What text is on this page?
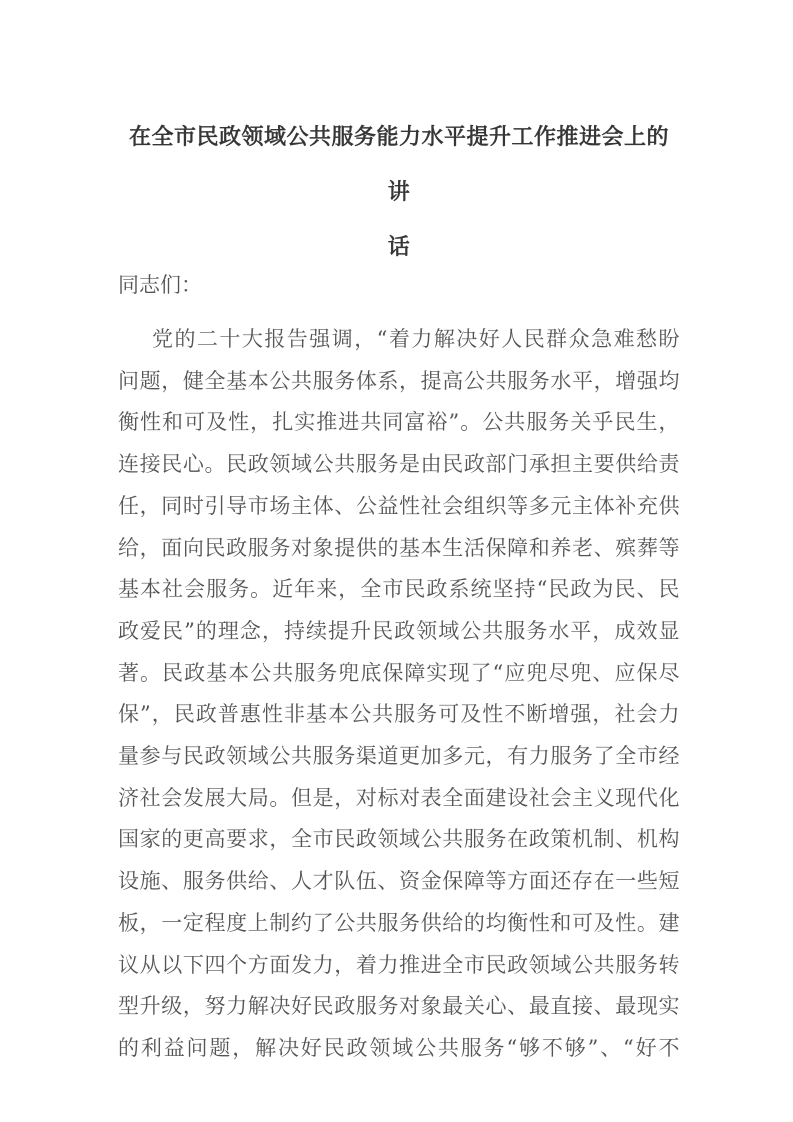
在全市民政领域公共服务能力水平提升工作推进会上的讲
话
同志们：
党的二十大报告强调，“着力解决好人民群众急难愁盼
问题，健全基本公共服务体系，提高公共服务水平，增强均
衡性和可及性，扎实推进共同富裕”。公共服务关乎民生，
连接民心。民政领域公共服务是由民政部门承担主要供给责
任，同时引导市场主体、公益性社会组织等多元主体补充供
给，面向民政服务对象提供的基本生活保障和养老、殡葬等
基本社会服务。近年来，全市民政系统坚持“民政为民、民
政爱民”的理念，持续提升民政领域公共服务水平，成效显
著。民政基本公共服务兜底保障实现了“应兜尽兜、应保尽
保”，民政普惠性非基本公共服务可及性不断增强，社会力
量参与民政领域公共服务渠道更加多元，有力服务了全市经
济社会发展大局。但是，对标对表全面建设社会主义现代化
国家的更高要求，全市民政领域公共服务在政策机制、机构
设施、服务供给、人才队伍、资金保障等方面还存在一些短
板，一定程度上制约了公共服务供给的均衡性和可及性。建
议从以下四个方面发力，着力推进全市民政领域公共服务转
型升级，努力解决好民政服务对象最关心、最直接、最现实
的利益问题，解决好民政领域公共服务“够不够”、“好不
